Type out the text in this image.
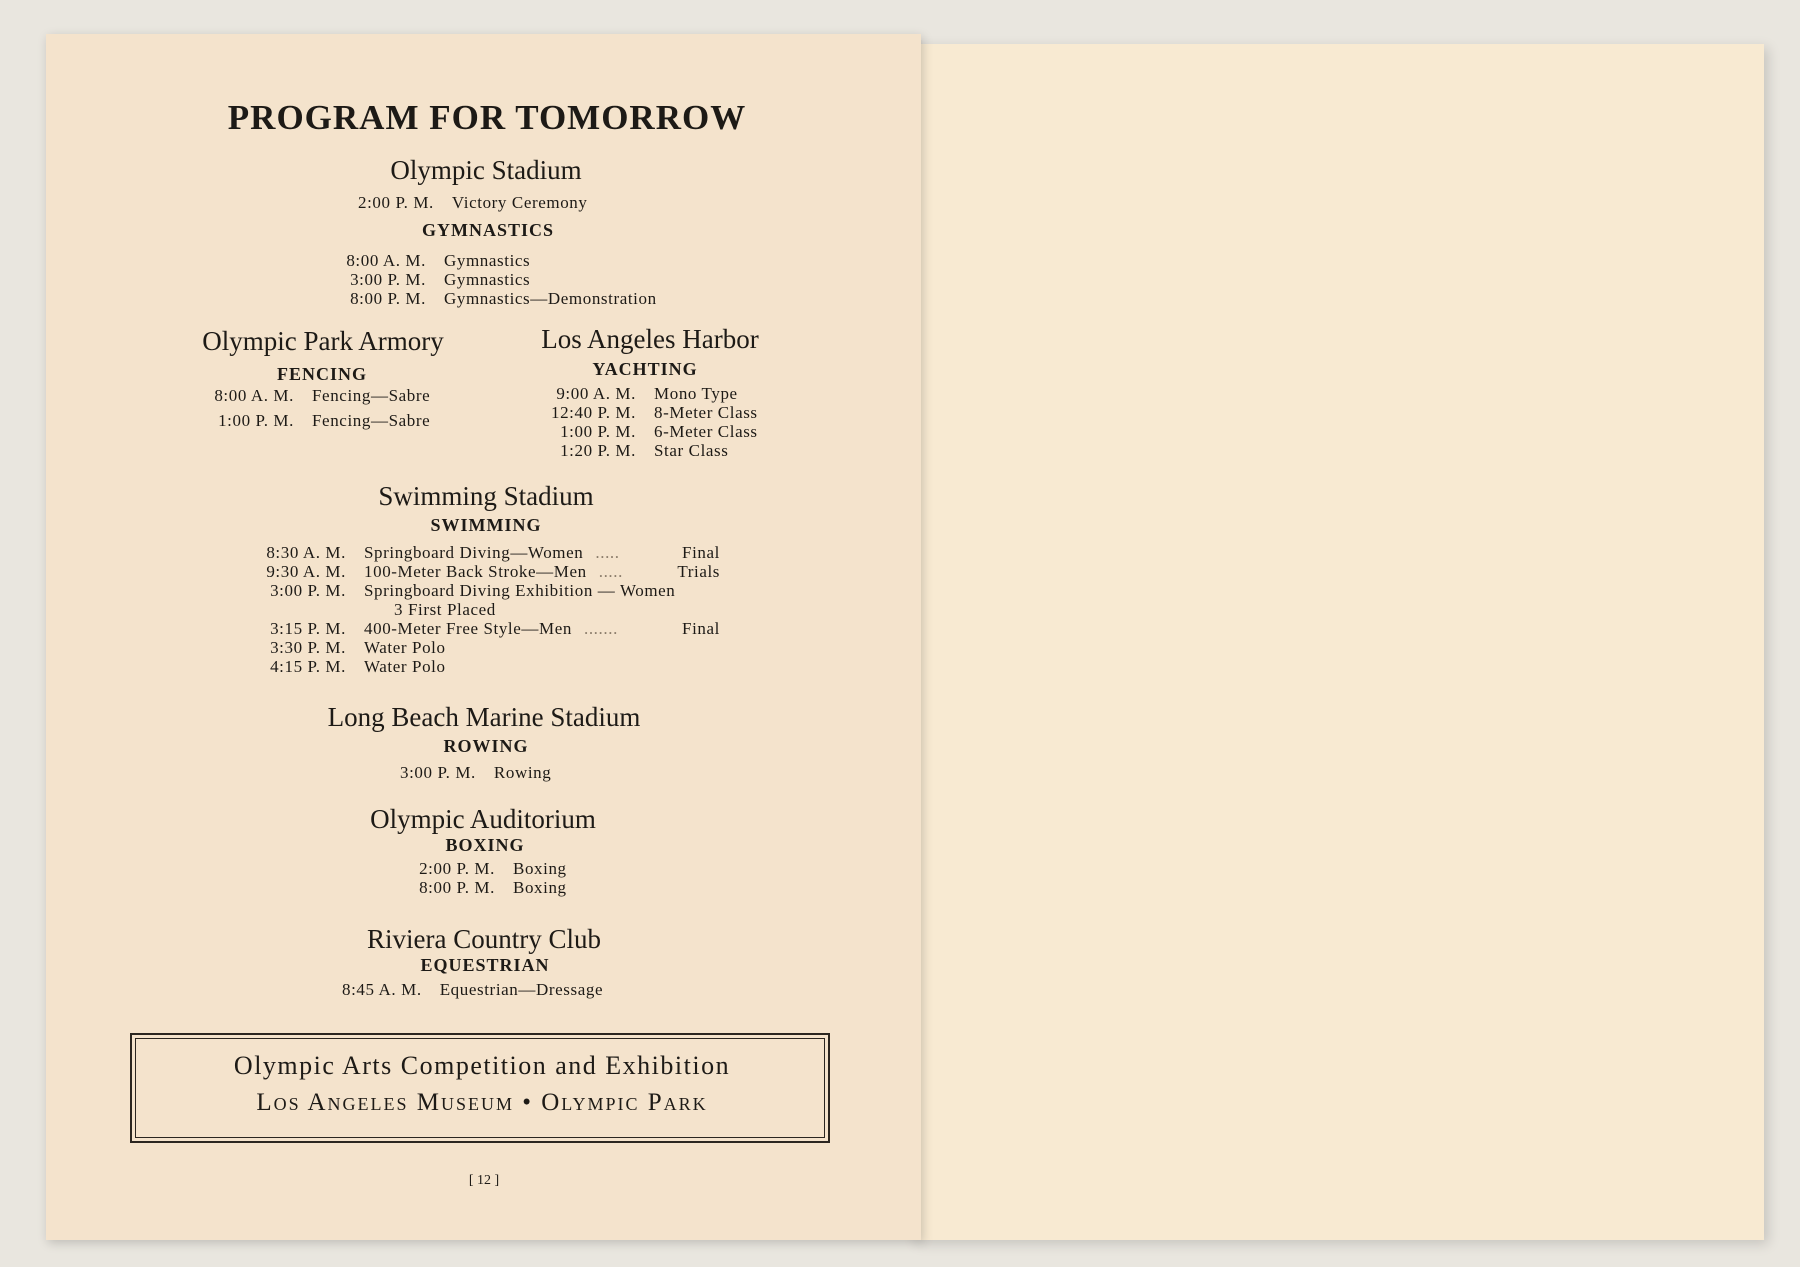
PROGRAM FOR TOMORROW
Olympic Stadium
2:00 P. M. Victory Ceremony
GYMNASTICS
8:00 A. M. Gymnastics
3:00 P. M. Gymnastics
8:00 P. M. Gymnastics—Demonstration
Olympic Park Armory
FENCING
8:00 A. M. Fencing—Sabre
1:00 P. M. Fencing—Sabre
Los Angeles Harbor
YACHTING
9:00 A. M. Mono Type
12:40 P. M. 8-Meter Class
1:00 P. M. 6-Meter Class
1:20 P. M. Star Class
Swimming Stadium
SWIMMING
8:30 A. M. Springboard Diving—Women .....	Final
9:30 A. M. 100-Meter Back Stroke—Men .....	Trials
3:00 P. M. Springboard Diving Exhibition — Women
3 First Placed
3:15 P. M. 400-Meter Free Style—Men .......	Final
3:30 P. M. Water Polo
4:15 P. M. Water Polo
Long Beach Marine Stadium
ROWING
3:00 P. M. Rowing
Olympic Auditorium
BOXING
2:00 P. M. Boxing
8:00 P. M. Boxing
Riviera Country Club
EQUESTRIAN
8:45 A. M. Equestrian—Dressage
Olympic Arts Competition and Exhibition
Los Angeles Museum • Olympic Park
[ 12 ]
